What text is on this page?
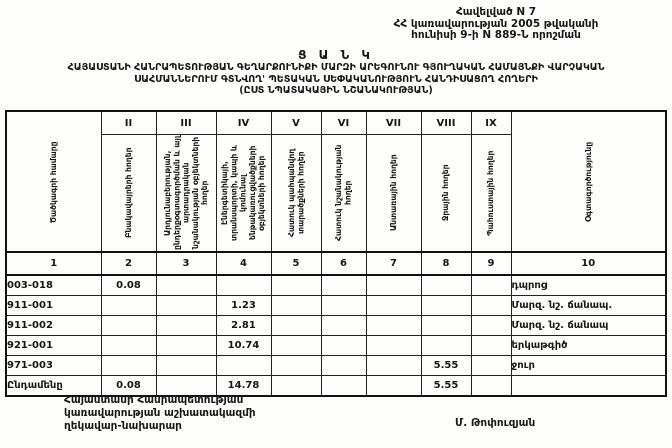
Հավելված N 7
ՀՀ կառավարության 2005 թվականի
հունիսի 9-ի N 889-Ն որոշման
Ց Ա Ն Կ
ՀԱՅԱՍՏԱՆԻ ՀԱՆՐԱՊԵՏՈՒԹՅԱՆ ԳԵՂԱՐՔՈՒՆԻՔԻ ՄԱՐԶԻ ԱՐԵԳՈՒՆՈՒ ԳՅՈՒՂԱԿԱՆ ՀԱՄԱՅՆՔԻ ՎԱՐՉԱԿԱՆ
ՍԱՀՄԱՆՆԵՐՈՒՄ ԳՏՆՎՈՂ' ՊԵՏԱԿԱՆ ՍԵՓԱԿԱՆՈՒԹՅՈՒՆ ՀԱՆԴԻՍԱՑՈՂ ՀՈՂԵՐԻ
(ԸՍՏ ՆՊԱՏԱԿԱՅԻՆ ՆՇԱՆԱԿՈՒԹՅԱՆ)
Ծածկագրի համարը	II	III	IV	V	VI	VII	VIII	IX	Օգտագործությունը

	Բնակավայրերի հողեր	Արդյունաբերության, ընդերքօգտագործման և այլ արտադրական նշանակության օբյեկտների հողեր	Էներգետիկայի, տրանսպորտի, կապի և կոմունալ ենթակառուցվածքների օբյեկտների հողեր	Հատուկ պահպանվող տարածքների հողեր	Հատուկ նշանակության հողեր	Անտառային հողեր	Ջրային հողեր	Պահուստային հողեր	

1	2	3	4	5	6	7	8	9	10
003-018	0.08								դպրոց
911-001			1.23						Մարզ. նշ. ճանապ.
911-002			2.81						Մարզ. նշ. ճանապ
921-001			10.74						երկաթգիծ
971-003							5.55		ջուր
Ընդամենը	0.08		14.78				5.55		
Հայաստանի Հանրապետության
կառավարության աշխատակազմի
ղեկավար-նախարար	Մ. Թոփուզյան
